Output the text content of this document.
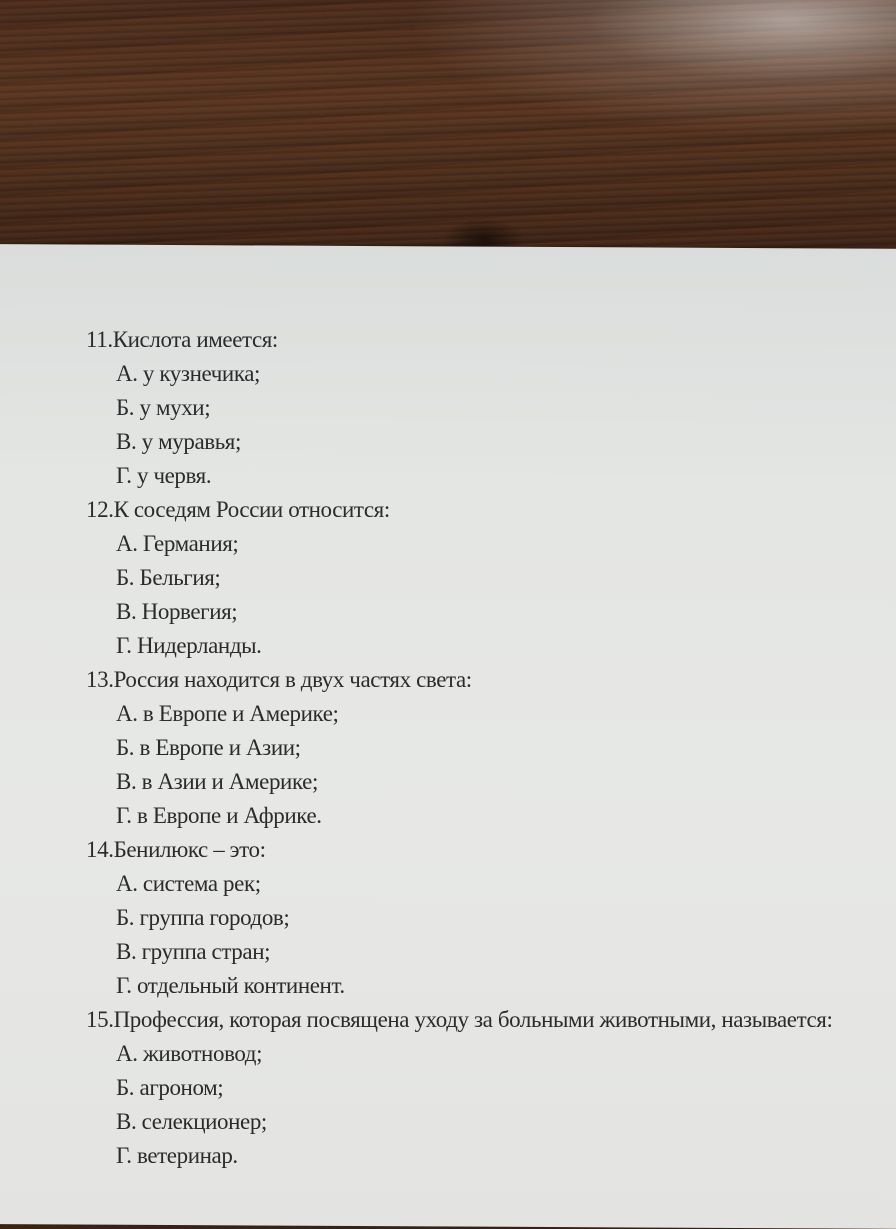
11.Кислота имеется:
А. у кузнечика;
Б. у мухи;
В. у муравья;
Г. у червя.
12.К соседям России относится:
А. Германия;
Б. Бельгия;
В. Норвегия;
Г. Нидерланды.
13.Россия находится в двух частях света:
А. в Европе и Америке;
Б. в Европе и Азии;
В. в Азии и Америке;
Г. в Европе и Африке.
14.Бенилюкс – это:
А. система рек;
Б. группа городов;
В. группа стран;
Г. отдельный континент.
15.Профессия, которая посвящена уходу за больными животными, называется:
А. животновод;
Б. агроном;
В. селекционер;
Г. ветеринар.
